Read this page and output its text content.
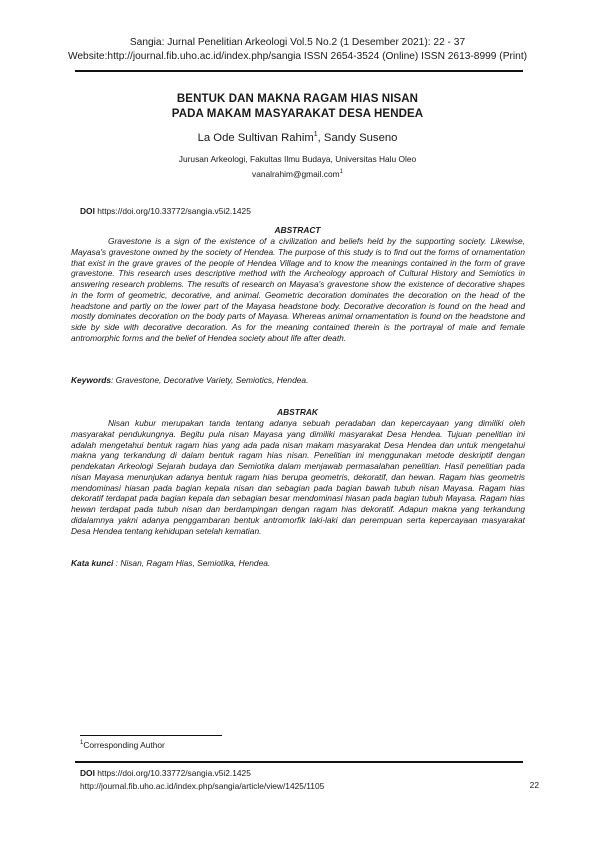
Sangia: Jurnal Penelitian Arkeologi Vol.5 No.2 (1 Desember 2021): 22 - 37
Website:http://journal.fib.uho.ac.id/index.php/sangia ISSN 2654-3524 (Online) ISSN 2613-8999 (Print)
BENTUK DAN MAKNA RAGAM HIAS NISAN
PADA MAKAM MASYARAKAT DESA HENDEA
La Ode Sultivan Rahim$^1$, Sandy Suseno
Jurusan Arkeologi, Fakultas Ilmu Budaya, Universitas Halu Oleo
vanalrahim@gmail.com$^1$
DOI https://doi.org/10.33772/sangia.v5i2.1425
ABSTRACT
Gravestone is a sign of the existence of a civilization and beliefs held by the supporting society. Likewise, Mayasa's gravestone owned by the society of Hendea. The purpose of this study is to find out the forms of ornamentation that exist in the grave graves of the people of Hendea Village and to know the meanings contained in the form of grave gravestone. This research uses descriptive method with the Archeology approach of Cultural History and Semiotics in answering research problems. The results of research on Mayasa's gravestone show the existence of decorative shapes in the form of geometric, decorative, and animal. Geometric decoration dominates the decoration on the head of the headstone and partly on the lower part of the Mayasa headstone body. Decorative decoration is found on the head and mostly dominates decoration on the body parts of Mayasa. Whereas animal ornamentation is found on the headstone and side by side with decorative decoration. As for the meaning contained therein is the portrayal of male and female antromorphic forms and the belief of Hendea society about life after death.
Keywords: Gravestone, Decorative Variety, Semiotics, Hendea.
ABSTRAK
Nisan kubur merupakan tanda tentang adanya sebuah peradaban dan kepercayaan yang dimiliki oleh masyarakat pendukungnya. Begitu pula nisan Mayasa yang dimiliki masyarakat Desa Hendea. Tujuan penelitian ini adalah mengetahui bentuk ragam hias yang ada pada nisan makam masyarakat Desa Hendea dan untuk mengetahui makna yang terkandung di dalam bentuk ragam hias nisan. Penelitian ini menggunakan metode deskriptif dengan pendekatan Arkeologi Sejarah budaya dan Semiotika dalam menjawab permasalahan penelitian. Hasil penelitian pada nisan Mayasa menunjukan adanya bentuk ragam hias berupa geometris, dekoratif, dan hewan. Ragam hias geometris mendominasi hiasan pada bagian kepala nisan dan sebagian pada bagian bawah tubuh nisan Mayasa. Ragam hias dekoratif terdapat pada bagian kepala dan sebagian besar mendominasi hiasan pada bagian tubuh Mayasa. Ragam hias hewan terdapat pada tubuh nisan dan berdampingan dengan ragam hias dekoratif. Adapun makna yang terkandung didalamnya yakni adanya penggambaran bentuk antromorfik laki-laki dan perempuan serta kepercayaan masyarakat Desa Hendea tentang kehidupan setelah kematian.
Kata kunci : Nisan, Ragam Hias, Semiotika, Hendea.
$^1$Corresponding Author
DOI https://doi.org/10.33772/sangia.v5i2.1425
http://journal.fib.uho.ac.id/index.php/sangia/article/view/1425/1105	22
